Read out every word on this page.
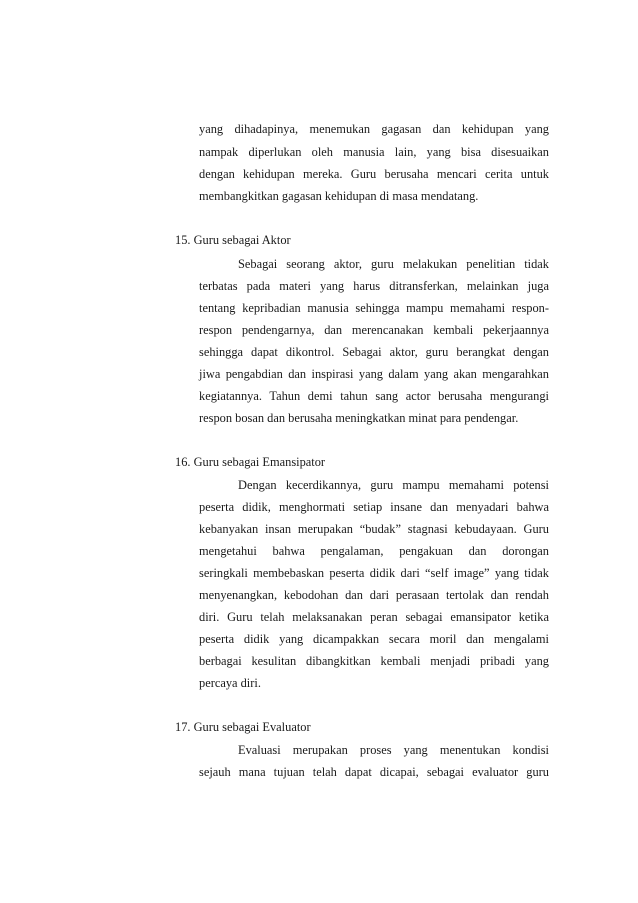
yang dihadapinya, menemukan gagasan dan kehidupan yang
nampak diperlukan oleh manusia lain, yang bisa disesuaikan
dengan kehidupan mereka. Guru berusaha mencari cerita untuk
membangkitkan gagasan kehidupan di masa mendatang.
15. Guru sebagai Aktor
Sebagai seorang aktor, guru melakukan penelitian tidak
terbatas pada materi yang harus ditransferkan, melainkan juga
tentang kepribadian manusia sehingga mampu memahami respon-
respon pendengarnya, dan merencanakan kembali pekerjaannya
sehingga dapat dikontrol. Sebagai aktor, guru berangkat dengan
jiwa pengabdian dan inspirasi yang dalam yang akan mengarahkan
kegiatannya. Tahun demi tahun sang actor berusaha mengurangi
respon bosan dan berusaha meningkatkan minat para pendengar.
16. Guru sebagai Emansipator
Dengan kecerdikannya, guru mampu memahami potensi
peserta didik, menghormati setiap insane dan menyadari bahwa
kebanyakan insan merupakan “budak” stagnasi kebudayaan. Guru
mengetahui bahwa pengalaman, pengakuan dan dorongan
seringkali membebaskan peserta didik dari “self image” yang tidak
menyenangkan, kebodohan dan dari perasaan tertolak dan rendah
diri. Guru telah melaksanakan peran sebagai emansipator ketika
peserta didik yang dicampakkan secara moril dan mengalami
berbagai kesulitan dibangkitkan kembali menjadi pribadi yang
percaya diri.
17. Guru sebagai Evaluator
Evaluasi merupakan proses yang menentukan kondisi
sejauh mana tujuan telah dapat dicapai, sebagai evaluator guru
